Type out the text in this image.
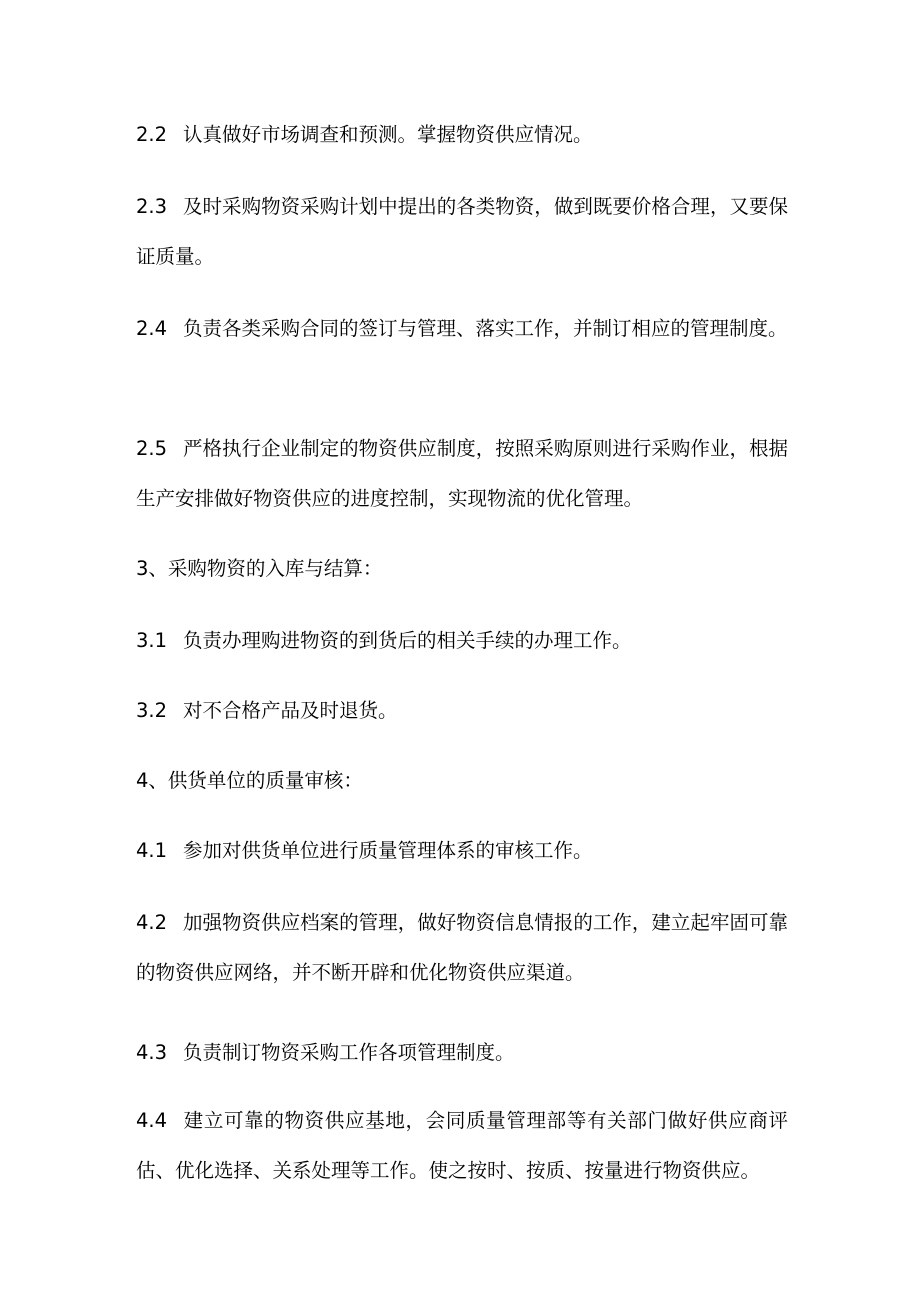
2.2 认真做好市场调查和预测。掌握物资供应情况。

2.3 及时采购物资采购计划中提出的各类物资，做到既要价格合理，又要保证质量。

2.4 负责各类采购合同的签订与管理、落实工作，并制订相应的管理制度。

2.5 严格执行企业制定的物资供应制度，按照采购原则进行采购作业，根据生产安排做好物资供应的进度控制，实现物流的优化管理。

3、采购物资的入库与结算：

3.1 负责办理购进物资的到货后的相关手续的办理工作。

3.2 对不合格产品及时退货。

4、供货单位的质量审核：

4.1 参加对供货单位进行质量管理体系的审核工作。

4.2 加强物资供应档案的管理，做好物资信息情报的工作，建立起牢固可靠的物资供应网络，并不断开辟和优化物资供应渠道。

4.3 负责制订物资采购工作各项管理制度。

4.4 建立可靠的物资供应基地，会同质量管理部等有关部门做好供应商评估、优化选择、关系处理等工作。使之按时、按质、按量进行物资供应。
